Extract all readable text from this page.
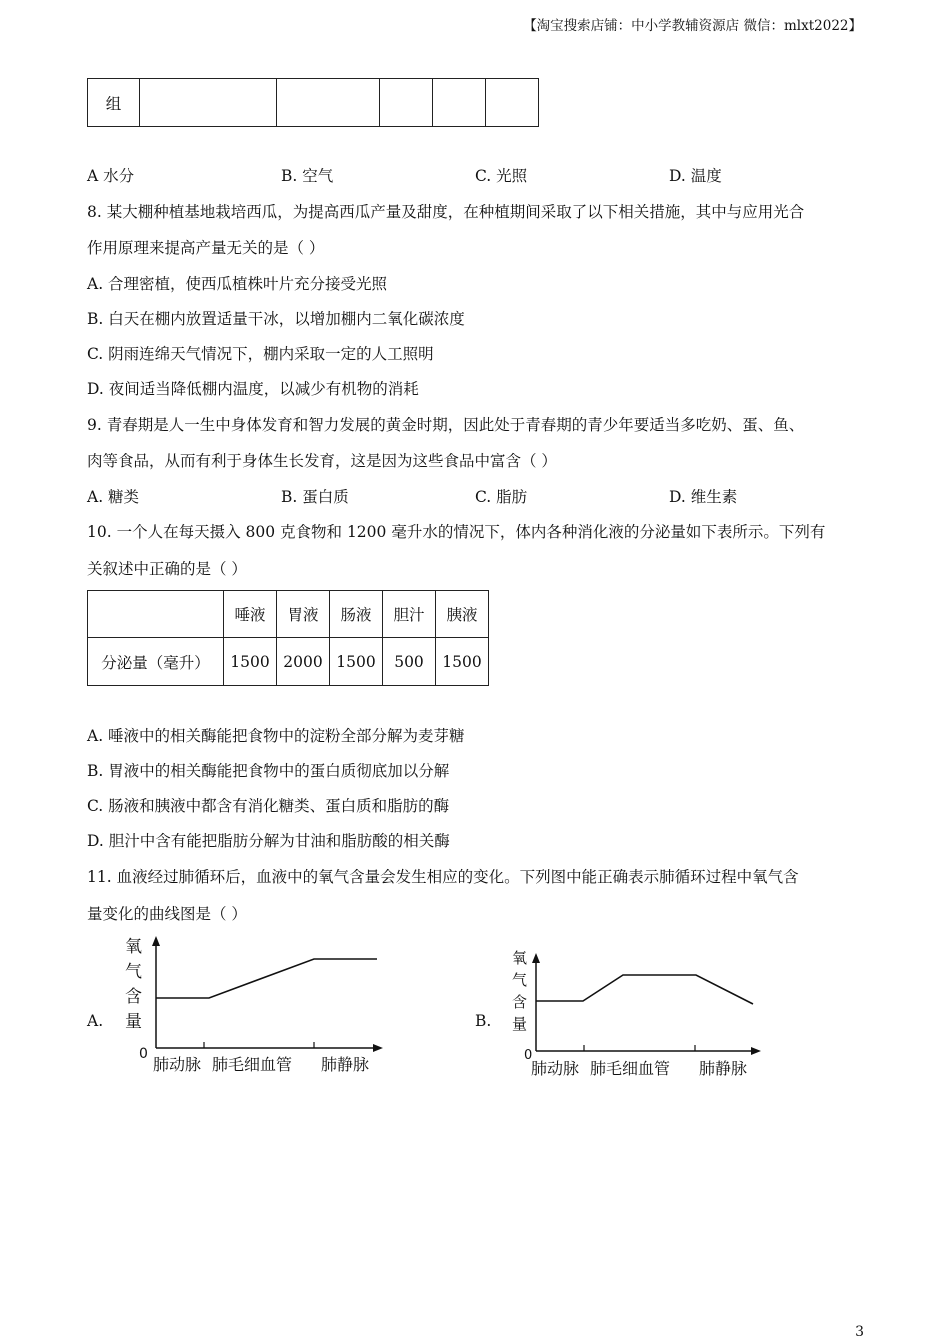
【淘宝搜索店铺：中小学教辅资源店 微信：mlxt2022】
组					
A 水分	B. 空气	C. 光照	D. 温度
8. 某大棚种植基地栽培西瓜，为提高西瓜产量及甜度，在种植期间采取了以下相关措施，其中与应用光合
作用原理来提高产量无关的是（ ）
A. 合理密植，使西瓜植株叶片充分接受光照
B. 白天在棚内放置适量干冰，以增加棚内二氧化碳浓度
C. 阴雨连绵天气情况下，棚内采取一定的人工照明
D. 夜间适当降低棚内温度，以减少有机物的消耗
9. 青春期是人一生中身体发育和智力发展的黄金时期，因此处于青春期的青少年要适当多吃奶、蛋、鱼、
肉等食品，从而有利于身体生长发育，这是因为这些食品中富含（ ）
A. 糖类	B. 蛋白质	C. 脂肪	D. 维生素
10. 一个人在每天摄入 800 克食物和 1200 毫升水的情况下，体内各种消化液的分泌量如下表所示。下列有
关叙述中正确的是（ ）
	唾液	胃液	肠液	胆汁	胰液
分泌量（毫升）	1500	2000	1500	500	1500
A. 唾液中的相关酶能把食物中的淀粉全部分解为麦芽糖
B. 胃液中的相关酶能把食物中的蛋白质彻底加以分解
C. 肠液和胰液中都含有消化糖类、蛋白质和脂肪的酶
D. 胆汁中含有能把脂肪分解为甘油和脂肪酸的相关酶
11. 血液经过肺循环后，血液中的氧气含量会发生相应的变化。下列图中能正确表示肺循环过程中氧气含
量变化的曲线图是（ ）
A.
氧
气
含
量
0
肺动脉 肺毛细血管 肺静脉
B.
氧
气
含
量
0
肺动脉 肺毛细血管 肺静脉
3
